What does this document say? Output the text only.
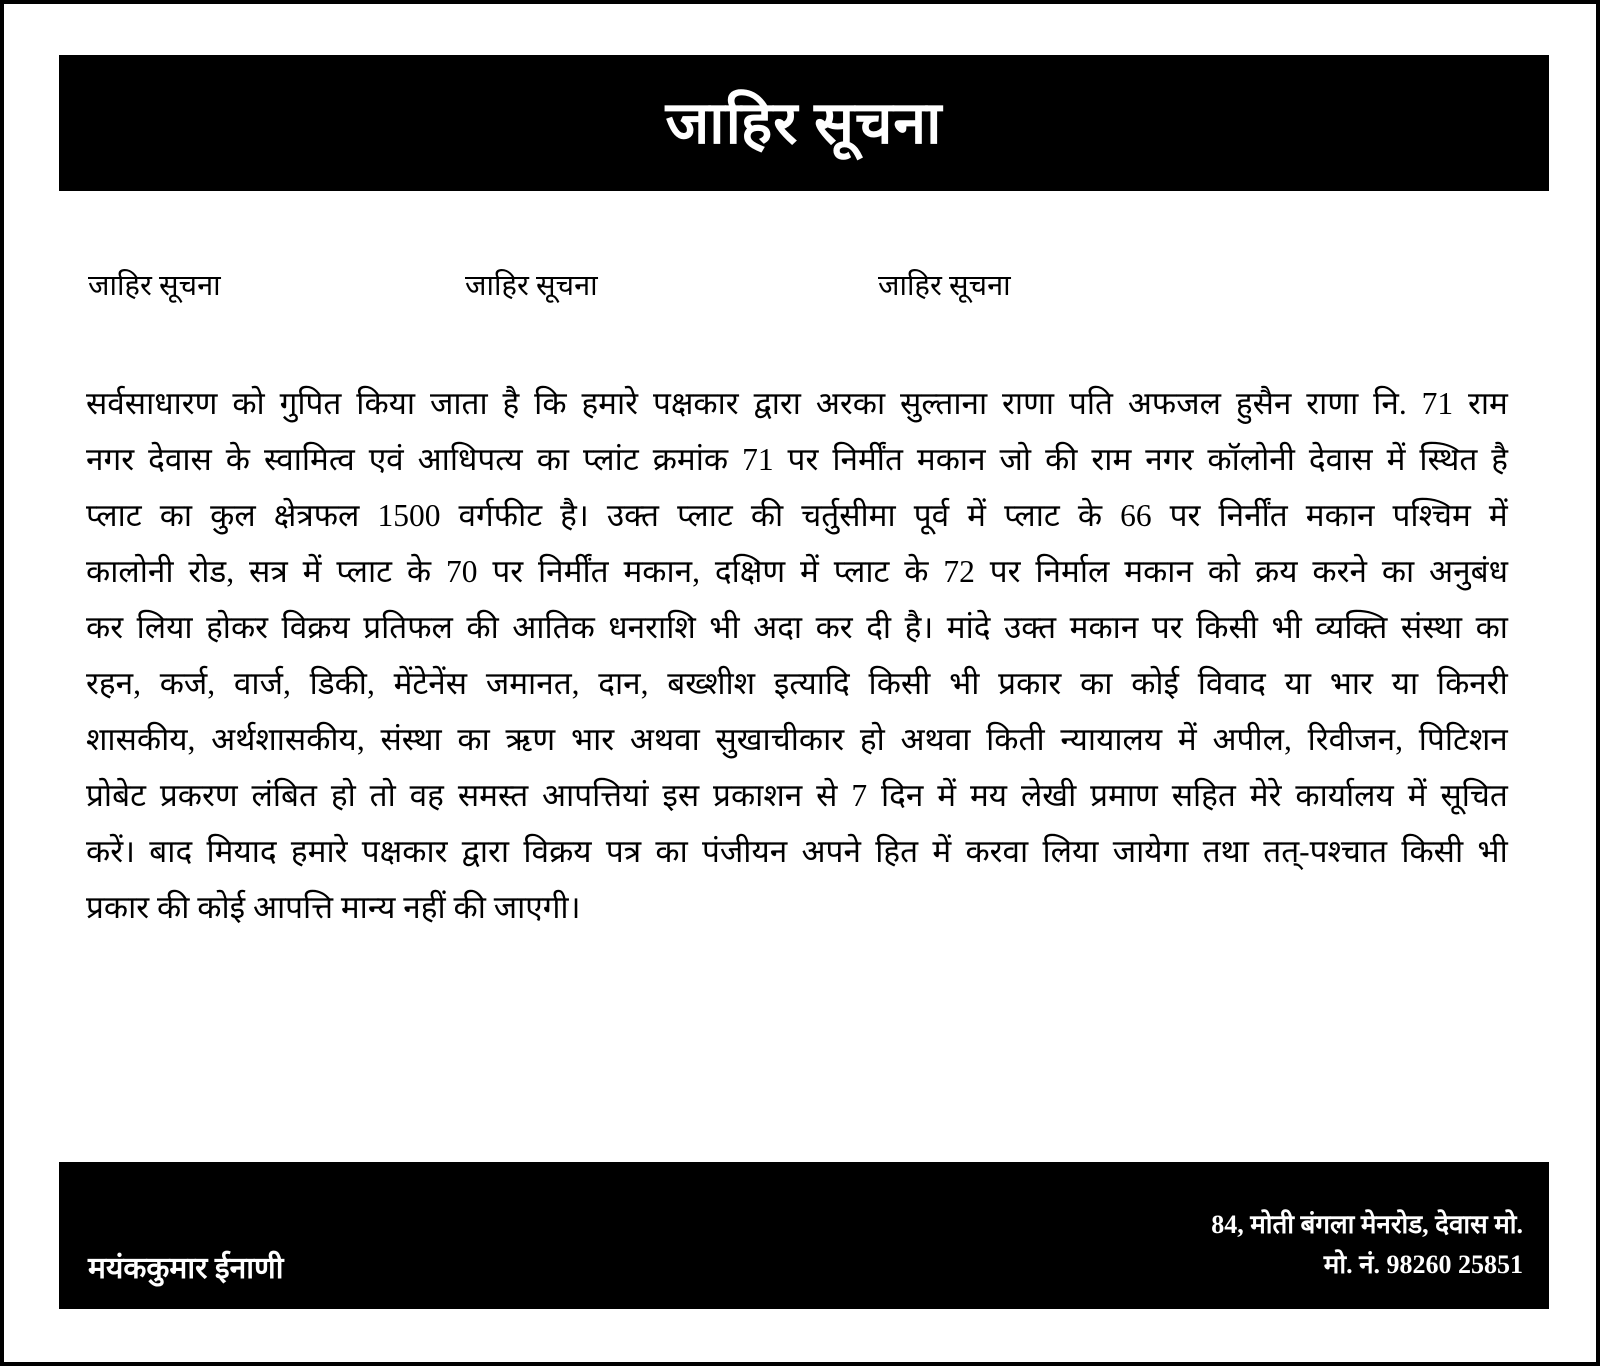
जाहिर सूचना
जाहिर सूचना	जाहिर सूचना	जाहिर सूचना
सर्वसाधारण को गुपित किया जाता है कि हमारे पक्षकार द्वारा अरका सुल्ताना राणा पति अफजल हुसैन राणा नि. 71 राम
नगर देवास के स्वामित्व एवं आधिपत्य का प्लांट क्रमांक 71 पर निर्मींत मकान जो की राम नगर कॉलोनी देवास में स्थित है
प्लाट का कुल क्षेत्रफल 1500 वर्गफीट है। उक्त प्लाट की चर्तुसीमा पूर्व में प्लाट के 66 पर निर्नींत मकान पश्चिम में
कालोनी रोड, सत्र में प्लाट के 70 पर निर्मींत मकान, दक्षिण में प्लाट के 72 पर निर्माल मकान को क्रय करने का अनुबंध
कर लिया होकर विक्रय प्रतिफल की आतिक धनराशि भी अदा कर दी है। मांदे उक्त मकान पर किसी भी व्यक्ति संस्था का
रहन, कर्ज, वार्ज, डिकी, मेंटेनेंस जमानत, दान, बख्शीश इत्यादि किसी भी प्रकार का कोई विवाद या भार या किनरी
शासकीय, अर्थशासकीय, संस्था का ऋण भार अथवा सुखाचीकार हो अथवा किती न्यायालय में अपील, रिवीजन, पिटिशन
प्रोबेट प्रकरण लंबित हो तो वह समस्त आपत्तियां इस प्रकाशन से 7 दिन में मय लेखी प्रमाण सहित मेरे कार्यालय में सूचित
करें। बाद मियाद हमारे पक्षकार द्वारा विक्रय पत्र का पंजीयन अपने हित में करवा लिया जायेगा तथा तत्-पश्चात किसी भी
प्रकार की कोई आपत्ति मान्य नहीं की जाएगी।
मयंककुमार ईनाणी
84, मोती बंगला मेनरोड, देवास मो.
मो. नं. 98260 25851
